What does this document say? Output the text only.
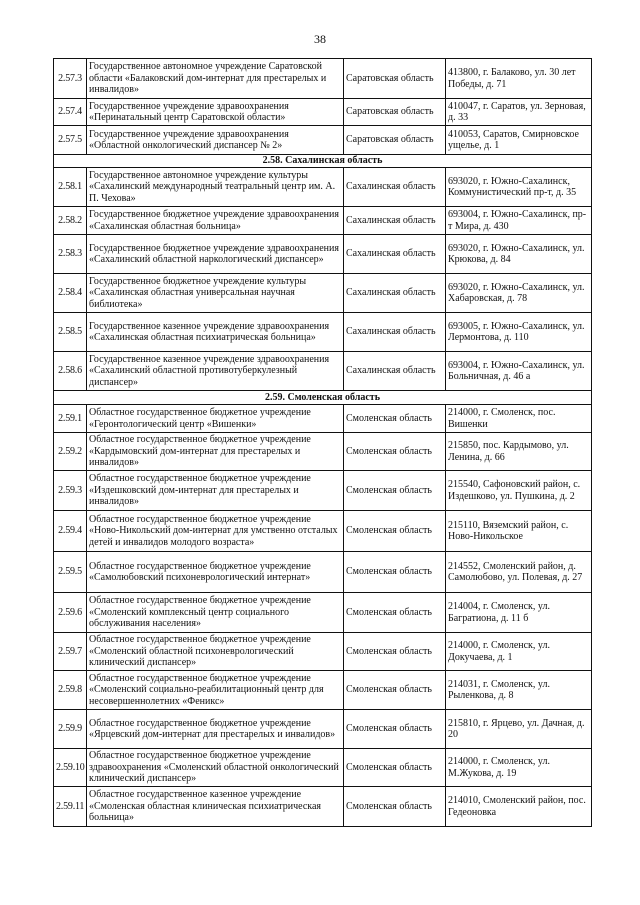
38
2.57.3	Государственное автономное учреждение Саратовской области «Балаковский дом-интернат для престарелых и инвалидов»	Саратовская область	413800, г. Балаково, ул. 30 лет Победы, д. 71
2.57.4	Государственное учреждение здравоохранения «Перинатальный центр Саратовской области»	Саратовская область	410047, г. Саратов, ул. Зерновая, д. 33
2.57.5	Государственное учреждение здравоохранения «Областной онкологический диспансер № 2»	Саратовская область	410053, Саратов, Смирновское ущелье, д. 1
2.58. Сахалинская область			
2.58.1	Государственное автономное учреждение культуры «Сахалинский международный театральный центр им. А. П. Чехова»	Сахалинская область	693020, г. Южно-Сахалинск, Коммунистический пр-т, д. 35
2.58.2	Государственное бюджетное учреждение здравоохранения «Сахалинская областная больница»	Сахалинская область	693004, г. Южно-Сахалинск, пр-т Мира, д. 430
2.58.3	Государственное бюджетное учреждение здравоохранения «Сахалинский областной наркологический диспансер»	Сахалинская область	693020, г. Южно-Сахалинск, ул. Крюкова, д. 84
2.58.4	Государственное бюджетное учреждение культуры «Сахалинская областная универсальная научная библиотека»	Сахалинская область	693020, г. Южно-Сахалинск, ул. Хабаровская, д. 78
2.58.5	Государственное казенное учреждение здравоохранения «Сахалинская областная психиатрическая больница»	Сахалинская область	693005, г. Южно-Сахалинск, ул. Лермонтова, д. 110
2.58.6	Государственное казенное учреждение здравоохранения «Сахалинский областной противотуберкулезный диспансер»	Сахалинская область	693004, г. Южно-Сахалинск, ул. Больничная, д. 46 а
2.59. Смоленская область			
2.59.1	Областное государственное бюджетное учреждение «Геронтологический центр «Вишенки»	Смоленская область	214000, г. Смоленск, пос. Вишенки
2.59.2	Областное государственное бюджетное учреждение «Кардымовский дом-интернат для престарелых и инвалидов»	Смоленская область	215850, пос. Кардымово, ул. Ленина, д. 66
2.59.3	Областное государственное бюджетное учреждение «Издешковский дом-интернат для престарелых и инвалидов»	Смоленская область	215540, Сафоновский район, с. Издешково, ул. Пушкина, д. 2
2.59.4	Областное государственное бюджетное учреждение «Ново-Никольский дом-интернат для умственно отсталых детей и инвалидов молодого возраста»	Смоленская область	215110, Вяземский район, с. Ново-Никольское
2.59.5	Областное государственное бюджетное учреждение «Самолюбовский психоневрологический интернат»	Смоленская область	214552, Смоленский район, д. Самолюбово, ул. Полевая, д. 27
2.59.6	Областное государственное бюджетное учреждение «Смоленский комплексный центр социального обслуживания населения»	Смоленская область	214004, г. Смоленск, ул. Багратиона, д. 11 б
2.59.7	Областное государственное бюджетное учреждение «Смоленский областной психоневрологический клинический диспансер»	Смоленская область	214000, г. Смоленск, ул. Докучаева, д. 1
2.59.8	Областное государственное бюджетное учреждение «Смоленский социально-реабилитационный центр для несовершеннолетних «Феникс»	Смоленская область	214031, г. Смоленск, ул. Рыленкова, д. 8
2.59.9	Областное государственное бюджетное учреждение «Ярцевский дом-интернат для престарелых и инвалидов»	Смоленская область	215810, г. Ярцево, ул. Дачная, д. 20
2.59.10	Областное государственное бюджетное учреждение здравоохранения «Смоленский областной онкологический клинический диспансер»	Смоленская область	214000, г. Смоленск, ул. М.Жукова, д. 19
2.59.11	Областное государственное казенное учреждение «Смоленская областная клиническая психиатрическая больница»	Смоленская область	214010, Смоленский район, пос. Гедеоновка
